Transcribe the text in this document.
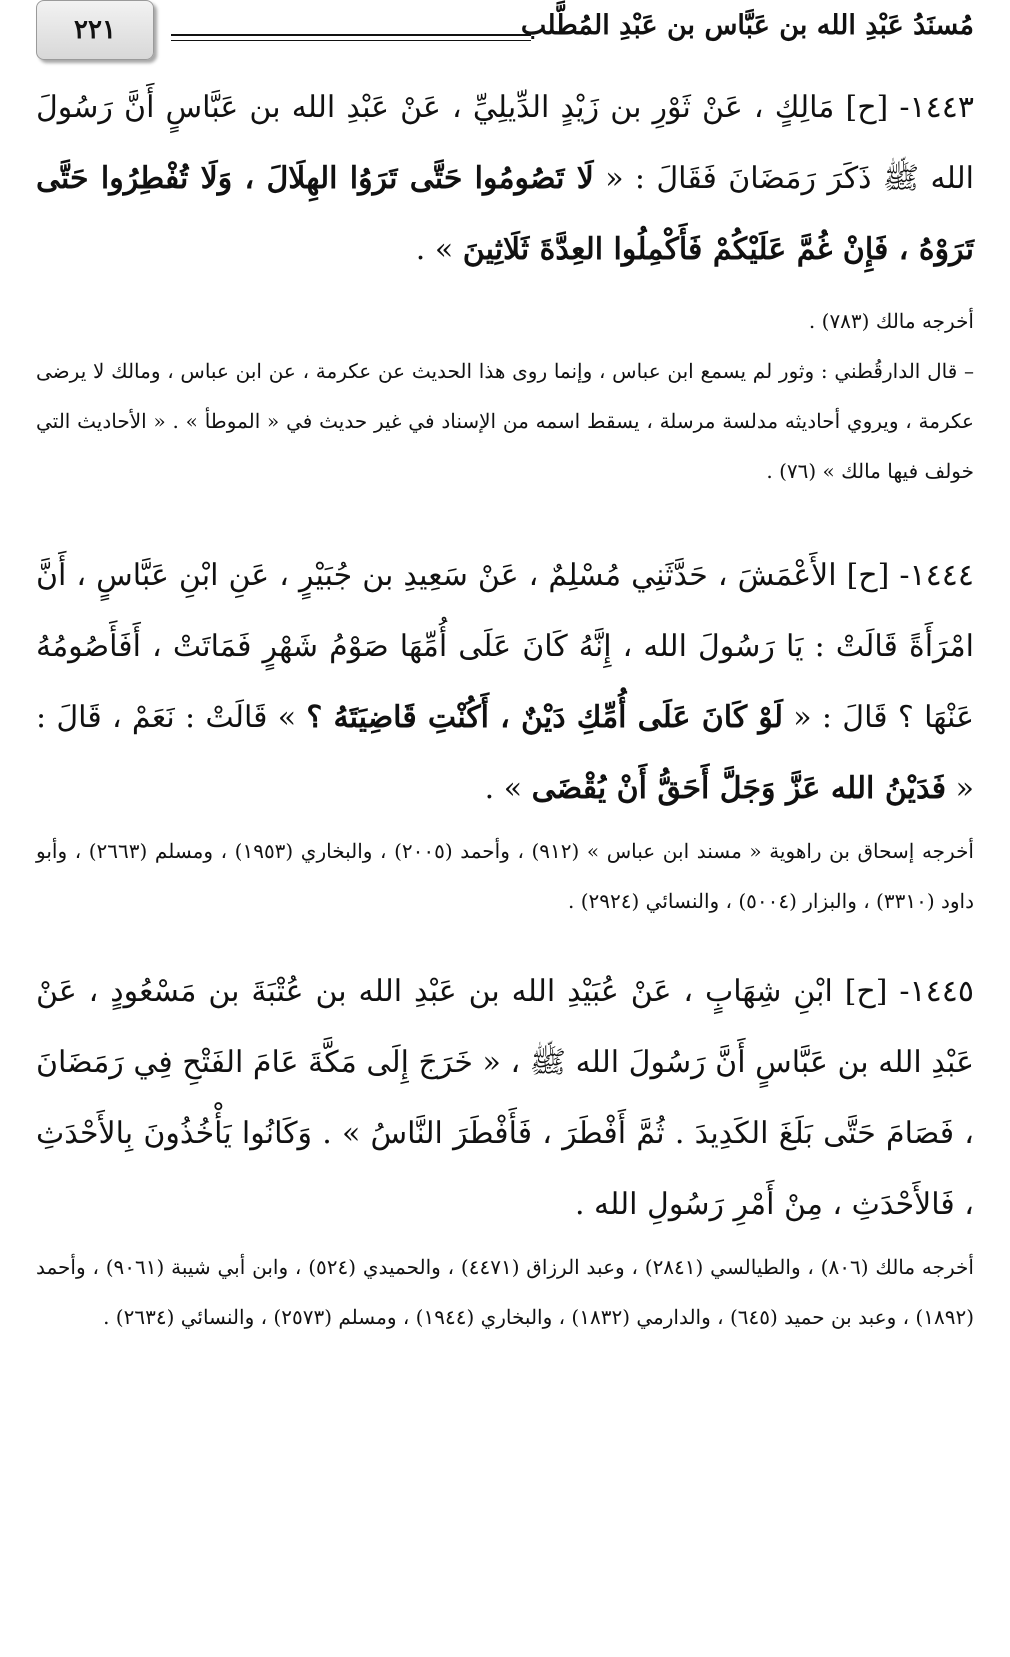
مُسنَدُ عَبْدِ الله بن عَبَّاس بن عَبْدِ المُطَّلب
٢٢١
١٤٤٣- [ح] مَالِكٍ ، عَنْ ثَوْرِ بن زَيْدٍ الدِّيلِيِّ ، عَنْ عَبْدِ الله بن عَبَّاسٍ أَنَّ رَسُولَ الله ﷺ ذَكَرَ رَمَضَانَ فَقَالَ : « لَا تَصُومُوا حَتَّى تَرَوُا الهِلَالَ ، وَلَا تُفْطِرُوا حَتَّى تَرَوْهُ ، فَإِنْ غُمَّ عَلَيْكُمْ فَأَكْمِلُوا العِدَّةَ ثَلَاثِينَ » .

أخرجه مالك (٧٨٣) .

– قال الدارقُطني : وثور لم يسمع ابن عباس ، وإنما روى هذا الحديث عن عكرمة ، عن ابن عباس ، ومالك لا يرضى عكرمة ، ويروي أحاديثه مدلسة مرسلة ، يسقط اسمه من الإسناد في غير حديث في « الموطأ » . « الأحاديث التي خولف فيها مالك » (٧٦) .

١٤٤٤- [ح] الأَعْمَشَ ، حَدَّثَنِي مُسْلِمٌ ، عَنْ سَعِيدِ بن جُبَيْرٍ ، عَنِ ابْنِ عَبَّاسٍ ، أَنَّ امْرَأَةً قَالَتْ : يَا رَسُولَ الله ، إِنَّهُ كَانَ عَلَى أُمِّهَا صَوْمُ شَهْرٍ فَمَاتَتْ ، أَفَأَصُومُهُ عَنْهَا ؟ قَالَ : « لَوْ كَانَ عَلَى أُمِّكِ دَيْنٌ ، أَكُنْتِ قَاضِيَتَهُ ؟ » قَالَتْ : نَعَمْ ، قَالَ : « فَدَيْنُ الله عَزَّ وَجَلَّ أَحَقُّ أَنْ يُقْضَى » .

أخرجه إسحاق بن راهوية « مسند ابن عباس » (٩١٢) ، وأحمد (٢٠٠٥) ، والبخاري (١٩٥٣) ، ومسلم (٢٦٦٣) ، وأبو داود (٣٣١٠) ، والبزار (٥٠٠٤) ، والنسائي (٢٩٢٤) .

١٤٤٥- [ح] ابْنِ شِهَابٍ ، عَنْ عُبَيْدِ الله بن عَبْدِ الله بن عُتْبَةَ بن مَسْعُودٍ ، عَنْ عَبْدِ الله بن عَبَّاسٍ أَنَّ رَسُولَ الله ﷺ ، « خَرَجَ إِلَى مَكَّةَ عَامَ الفَتْحِ فِي رَمَضَانَ ، فَصَامَ حَتَّى بَلَغَ الكَدِيدَ . ثُمَّ أَفْطَرَ ، فَأَفْطَرَ النَّاسُ » . وَكَانُوا يَأْخُذُونَ بِالأَحْدَثِ ، فَالأَحْدَثِ ، مِنْ أَمْرِ رَسُولِ الله .

أخرجه مالك (٨٠٦) ، والطيالسي (٢٨٤١) ، وعبد الرزاق (٤٤٧١) ، والحميدي (٥٢٤) ، وابن أبي شيبة (٩٠٦١) ، وأحمد (١٨٩٢) ، وعبد بن حميد (٦٤٥) ، والدارمي (١٨٣٢) ، والبخاري (١٩٤٤) ، ومسلم (٢٥٧٣) ، والنسائي (٢٦٣٤) .
